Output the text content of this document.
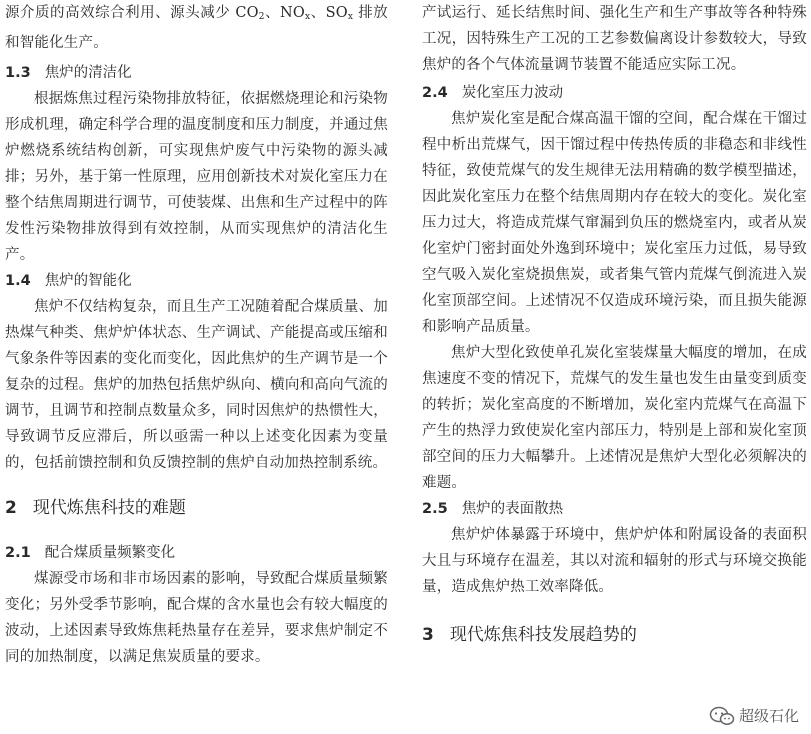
源介质的高效综合利用、源头减少 $CO_2$、$NO_x$、$SO_x$ 排放和智能化生产。

1.3 焦炉的清洁化

根据炼焦过程污染物排放特征，依据燃烧理论和污染物形成机理，确定科学合理的温度制度和压力制度，并通过焦炉燃烧系统结构创新，可实现焦炉废气中污染物的源头减排；另外，基于第一性原理，应用创新技术对炭化室压力在整个结焦周期进行调节，可使装煤、出焦和生产过程中的阵发性污染物排放得到有效控制，从而实现焦炉的清洁化生产。

1.4 焦炉的智能化

焦炉不仅结构复杂，而且生产工况随着配合煤质量、加热煤气种类、焦炉炉体状态、生产调试、产能提高或压缩和气象条件等因素的变化而变化，因此焦炉的生产调节是一个复杂的过程。焦炉的加热包括焦炉纵向、横向和高向气流的调节，且调节和控制点数量众多，同时因焦炉的热惯性大，导致调节反应滞后，所以亟需一种以上述变化因素为变量的，包括前馈控制和负反馈控制的焦炉自动加热控制系统。

2 现代炼焦科技的难题

2.1 配合煤质量频繁变化

煤源受市场和非市场因素的影响，导致配合煤质量频繁变化；另外受季节影响，配合煤的含水量也会有较大幅度的波动，上述因素导致炼焦耗热量存在差异，要求焦炉制定不同的加热制度，以满足焦炭质量的要求。

产试运行、延长结焦时间、强化生产和生产事故等各种特殊工况，因特殊生产工况的工艺参数偏离设计参数较大，导致焦炉的各个气体流量调节装置不能适应实际工况。

2.4 炭化室压力波动

焦炉炭化室是配合煤高温干馏的空间，配合煤在干馏过程中析出荒煤气，因干馏过程中传热传质的非稳态和非线性特征，致使荒煤气的发生规律无法用精确的数学模型描述，因此炭化室压力在整个结焦周期内存在较大的变化。炭化室压力过大，将造成荒煤气窜漏到负压的燃烧室内，或者从炭化室炉门密封面处外逸到环境中；炭化室压力过低，易导致空气吸入炭化室烧损焦炭，或者集气管内荒煤气倒流进入炭化室顶部空间。上述情况不仅造成环境污染，而且损失能源和影响产品质量。

焦炉大型化致使单孔炭化室装煤量大幅度的增加，在成焦速度不变的情况下，荒煤气的发生量也发生由量变到质变的转折；炭化室高度的不断增加，炭化室内荒煤气在高温下产生的热浮力致使炭化室内部压力，特别是上部和炭化室顶部空间的压力大幅攀升。上述情况是焦炉大型化必须解决的难题。

2.5 焦炉的表面散热

焦炉炉体暴露于环境中，焦炉炉体和附属设备的表面积大且与环境存在温差，其以对流和辐射的形式与环境交换能量，造成焦炉热工效率降低。

3 现代炼焦科技发展趋势的

超级石化
